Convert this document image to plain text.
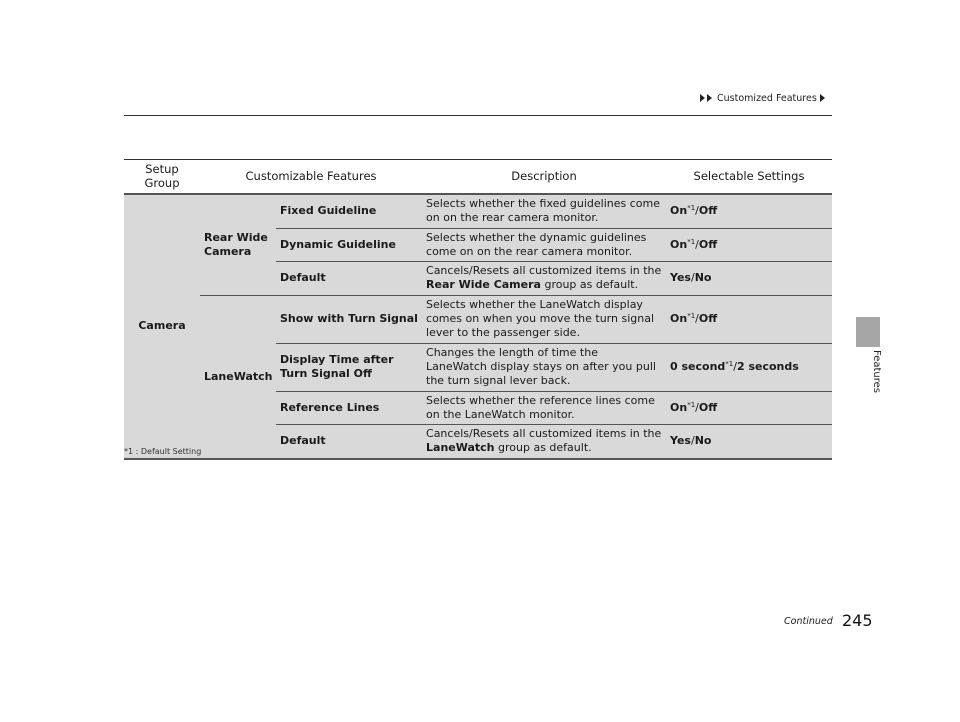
Customized Features
Features
Setup Group	Customizable Features		Description	Selectable Settings
Camera	Rear Wide Camera	Fixed Guideline	Selects whether the fixed guidelines come on on the rear camera monitor.	On$^{*1}$/Off
		Dynamic Guideline	Selects whether the dynamic guidelines come on on the rear camera monitor.	On$^{*1}$/Off
		Default	Cancels/Resets all customized items in the Rear Wide Camera group as default.	Yes/No
	LaneWatch	Show with Turn Signal	Selects whether the LaneWatch display comes on when you move the turn signal lever to the passenger side.	On$^{*1}$/Off
		Display Time after Turn Signal Off	Changes the length of time the LaneWatch display stays on after you pull the turn signal lever back.	0 second$^{*1}$/2 seconds
		Reference Lines	Selects whether the reference lines come on the LaneWatch monitor.	On$^{*1}$/Off
		Default	Cancels/Resets all customized items in the LaneWatch group as default.	Yes/No
*1 : Default Setting
Continued 245
